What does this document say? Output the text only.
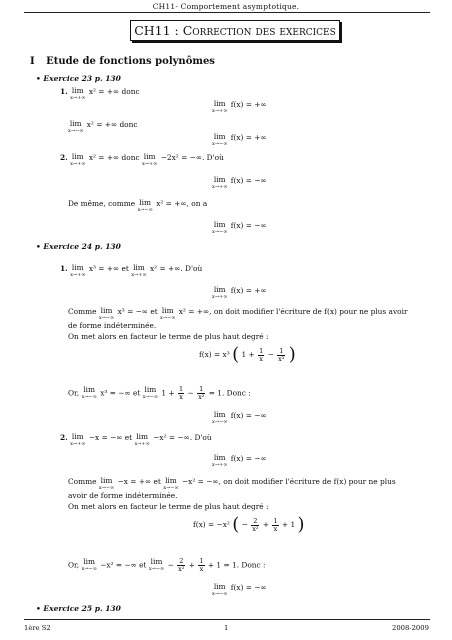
CH11- Comportement asymptotique.
CH11 : Correction des exercices
I Etude de fonctions polynômes
• Exercice 23 p. 130
1. lim
x→+∞
x² = +∞ donc
lim
x→+∞
f(x) = +∞
lim
x→−∞
x² = +∞ donc
lim
x→−∞
f(x) = +∞
2. lim
x→+∞
x² = +∞ donc lim
x→+∞
−2x² = −∞. D'où
lim
x→+∞
f(x) = −∞
De même, comme lim
x→−∞
x² = +∞, on a
lim
x→−∞
f(x) = −∞
• Exercice 24 p. 130
1. lim
x→+∞
x³ = +∞ et lim
x→+∞
x² = +∞. D'où
lim
x→+∞
f(x) = +∞
Comme lim
x→−∞
x³ = −∞ et lim
x→−∞
x² = +∞, on doit modifier l'écriture de f(x) pour ne plus avoir
de forme indéterminée.
On met alors en facteur le terme de plus haut degré :
f(x) = x³ ( $1 + \frac{1}{x} - \frac{1}{\text{x³}}$ )
Or, lim
x→−∞ x³ = −∞ et lim
x→−∞ $1 + \frac{1}{x} - \frac{1}{\text{x²}} = 1$. Donc :
lim
x→−∞
f(x) = −∞
2. lim
x→+∞
−x = −∞ et lim
x→+∞
−x² = −∞. D'où
lim
x→+∞
f(x) = −∞
Comme lim
x→−∞
−x = +∞ et lim
x→−∞
−x² = −∞, on doit modifier l'écriture de f(x) pour ne plus
avoir de forme indéterminée.
On met alors en facteur le terme de plus haut degré :
f(x) = −x² ( − $\frac{2}{\text{x²}} + \frac{1}{x} + 1$ )
Or, lim
x→−∞ −x² = −∞ et lim
$x\to-\infty - \frac{2}{\text{x²}} + \frac{1}{x} + 1 = 1$. Donc :
lim
x→−∞
f(x) = −∞
• Exercice 25 p. 130
1ère S2	1	2008-2009
